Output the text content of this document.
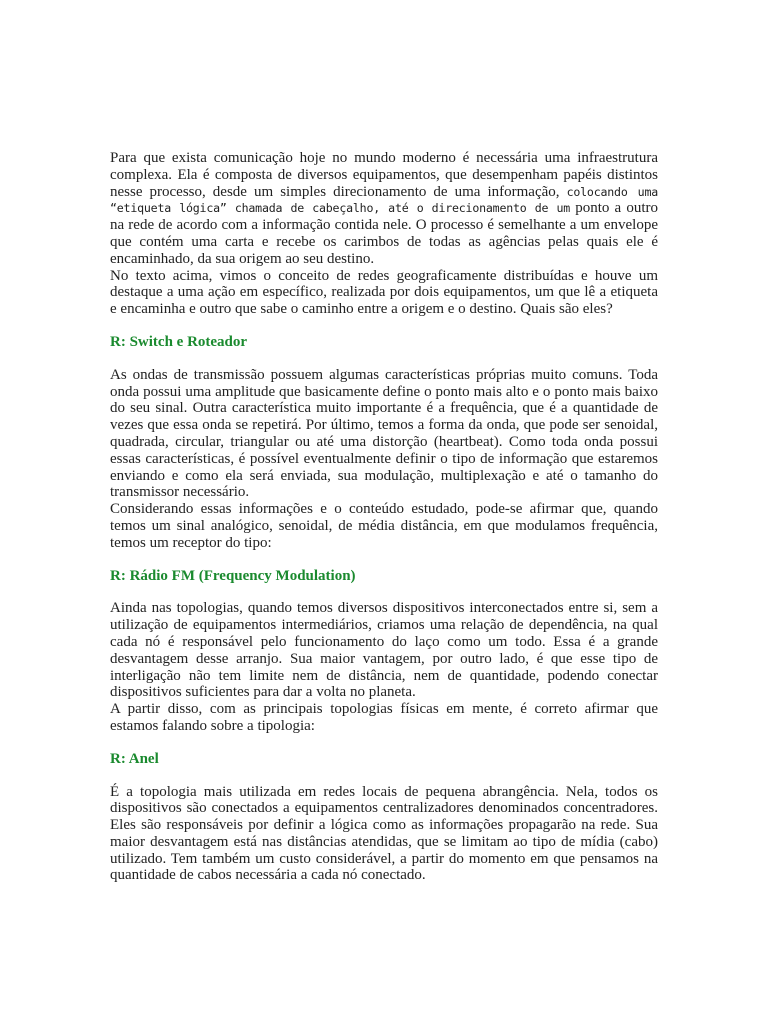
Para que exista comunicação hoje no mundo moderno é necessária uma infraestrutura complexa. Ela é composta de diversos equipamentos, que desempenham papéis distintos nesse processo, desde um simples direcionamento de uma informação, colocando uma “etiqueta lógica” chamada de cabeçalho, até o direcionamento de um ponto a outro na rede de acordo com a informação contida nele. O processo é semelhante a um envelope que contém uma carta e recebe os carimbos de todas as agências pelas quais ele é encaminhado, da sua origem ao seu destino.

No texto acima, vimos o conceito de redes geograficamente distribuídas e houve um destaque a uma ação em específico, realizada por dois equipamentos, um que lê a etiqueta e encaminha e outro que sabe o caminho entre a origem e o destino. Quais são eles?

R: Switch e Roteador

As ondas de transmissão possuem algumas características próprias muito comuns. Toda onda possui uma amplitude que basicamente define o ponto mais alto e o ponto mais baixo do seu sinal. Outra característica muito importante é a frequência, que é a quantidade de vezes que essa onda se repetirá. Por último, temos a forma da onda, que pode ser senoidal, quadrada, circular, triangular ou até uma distorção (heartbeat). Como toda onda possui essas características, é possível eventualmente definir o tipo de informação que estaremos enviando e como ela será enviada, sua modulação, multiplexação e até o tamanho do transmissor necessário.

Considerando essas informações e o conteúdo estudado, pode-se afirmar que, quando temos um sinal analógico, senoidal, de média distância, em que modulamos frequência, temos um receptor do tipo:

R: Rádio FM (Frequency Modulation)

Ainda nas topologias, quando temos diversos dispositivos interconectados entre si, sem a utilização de equipamentos intermediários, criamos uma relação de dependência, na qual cada nó é responsável pelo funcionamento do laço como um todo. Essa é a grande desvantagem desse arranjo. Sua maior vantagem, por outro lado, é que esse tipo de interligação não tem limite nem de distância, nem de quantidade, podendo conectar dispositivos suficientes para dar a volta no planeta.

A partir disso, com as principais topologias físicas em mente, é correto afirmar que estamos falando sobre a tipologia:

R: Anel

É a topologia mais utilizada em redes locais de pequena abrangência. Nela, todos os dispositivos são conectados a equipamentos centralizadores denominados concentradores. Eles são responsáveis por definir a lógica como as informações propagarão na rede. Sua maior desvantagem está nas distâncias atendidas, que se limitam ao tipo de mídia (cabo) utilizado. Tem também um custo considerável, a partir do momento em que pensamos na quantidade de cabos necessária a cada nó conectado.
